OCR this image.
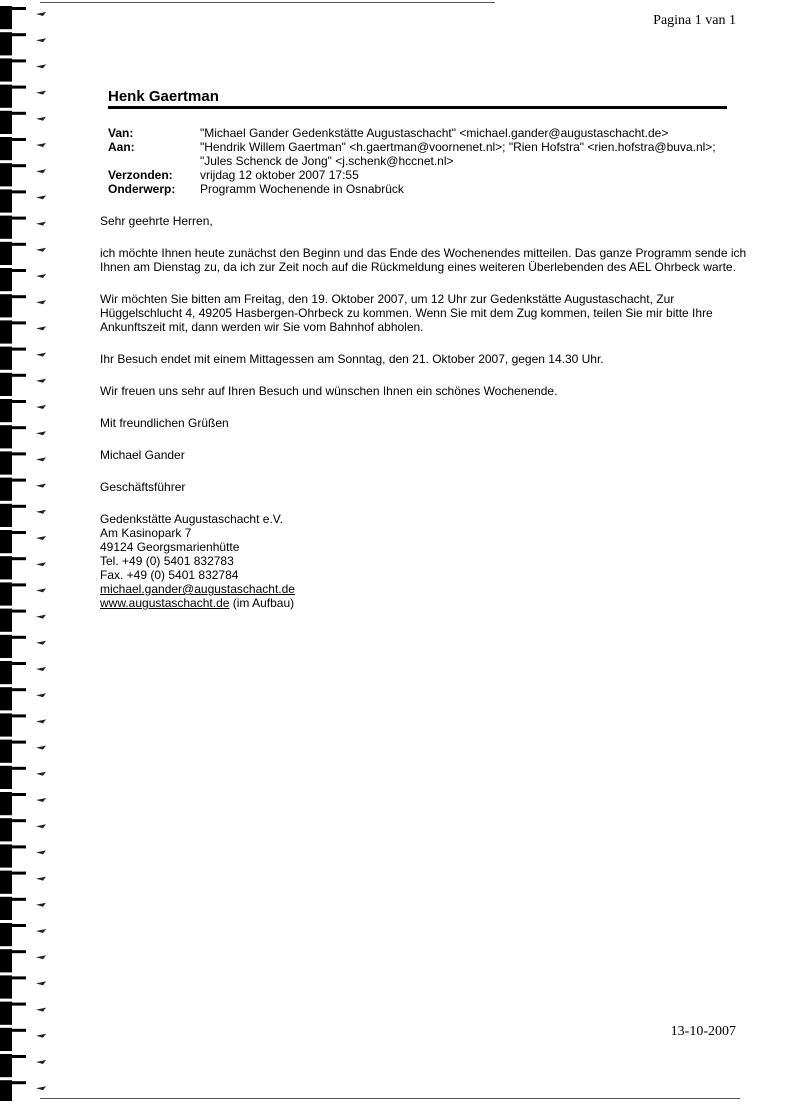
Pagina 1 van 1
Henk Gaertman
Van:	"Michael Gander Gedenkstätte Augustaschacht" <michael.gander@augustaschacht.de>
Aan:	"Hendrik Willem Gaertman" <h.gaertman@voornenet.nl>; "Rien Hofstra" <rien.hofstra@buva.nl>; "Jules Schenck de Jong" <j.schenk@hccnet.nl>
Verzonden:	vrijdag 12 oktober 2007 17:55
Onderwerp:	Programm Wochenende in Osnabrück

Sehr geehrte Herren,

ich möchte Ihnen heute zunächst den Beginn und das Ende des Wochenendes mitteilen. Das ganze Programm sende ich Ihnen am Dienstag zu, da ich zur Zeit noch auf die Rückmeldung eines weiteren Überlebenden des AEL Ohrbeck warte.

Wir möchten Sie bitten am Freitag, den 19. Oktober 2007, um 12 Uhr zur Gedenkstätte Augustaschacht, Zur Hüggelschlucht 4, 49205 Hasbergen-Ohrbeck zu kommen. Wenn Sie mit dem Zug kommen, teilen Sie mir bitte Ihre Ankunftszeit mit, dann werden wir Sie vom Bahnhof abholen.

Ihr Besuch endet mit einem Mittagessen am Sonntag, den 21. Oktober 2007, gegen 14.30 Uhr.

Wir freuen uns sehr auf Ihren Besuch und wünschen Ihnen ein schönes Wochenende.

Mit freundlichen Grüßen

Michael Gander

Geschäftsführer

Gedenkstätte Augustaschacht e.V.
Am Kasinopark 7
49124 Georgsmarienhütte
Tel. +49 (0) 5401 832783
Fax. +49 (0) 5401 832784
michael.gander@augustaschacht.de
www.augustaschacht.de (im Aufbau)
13-10-2007
